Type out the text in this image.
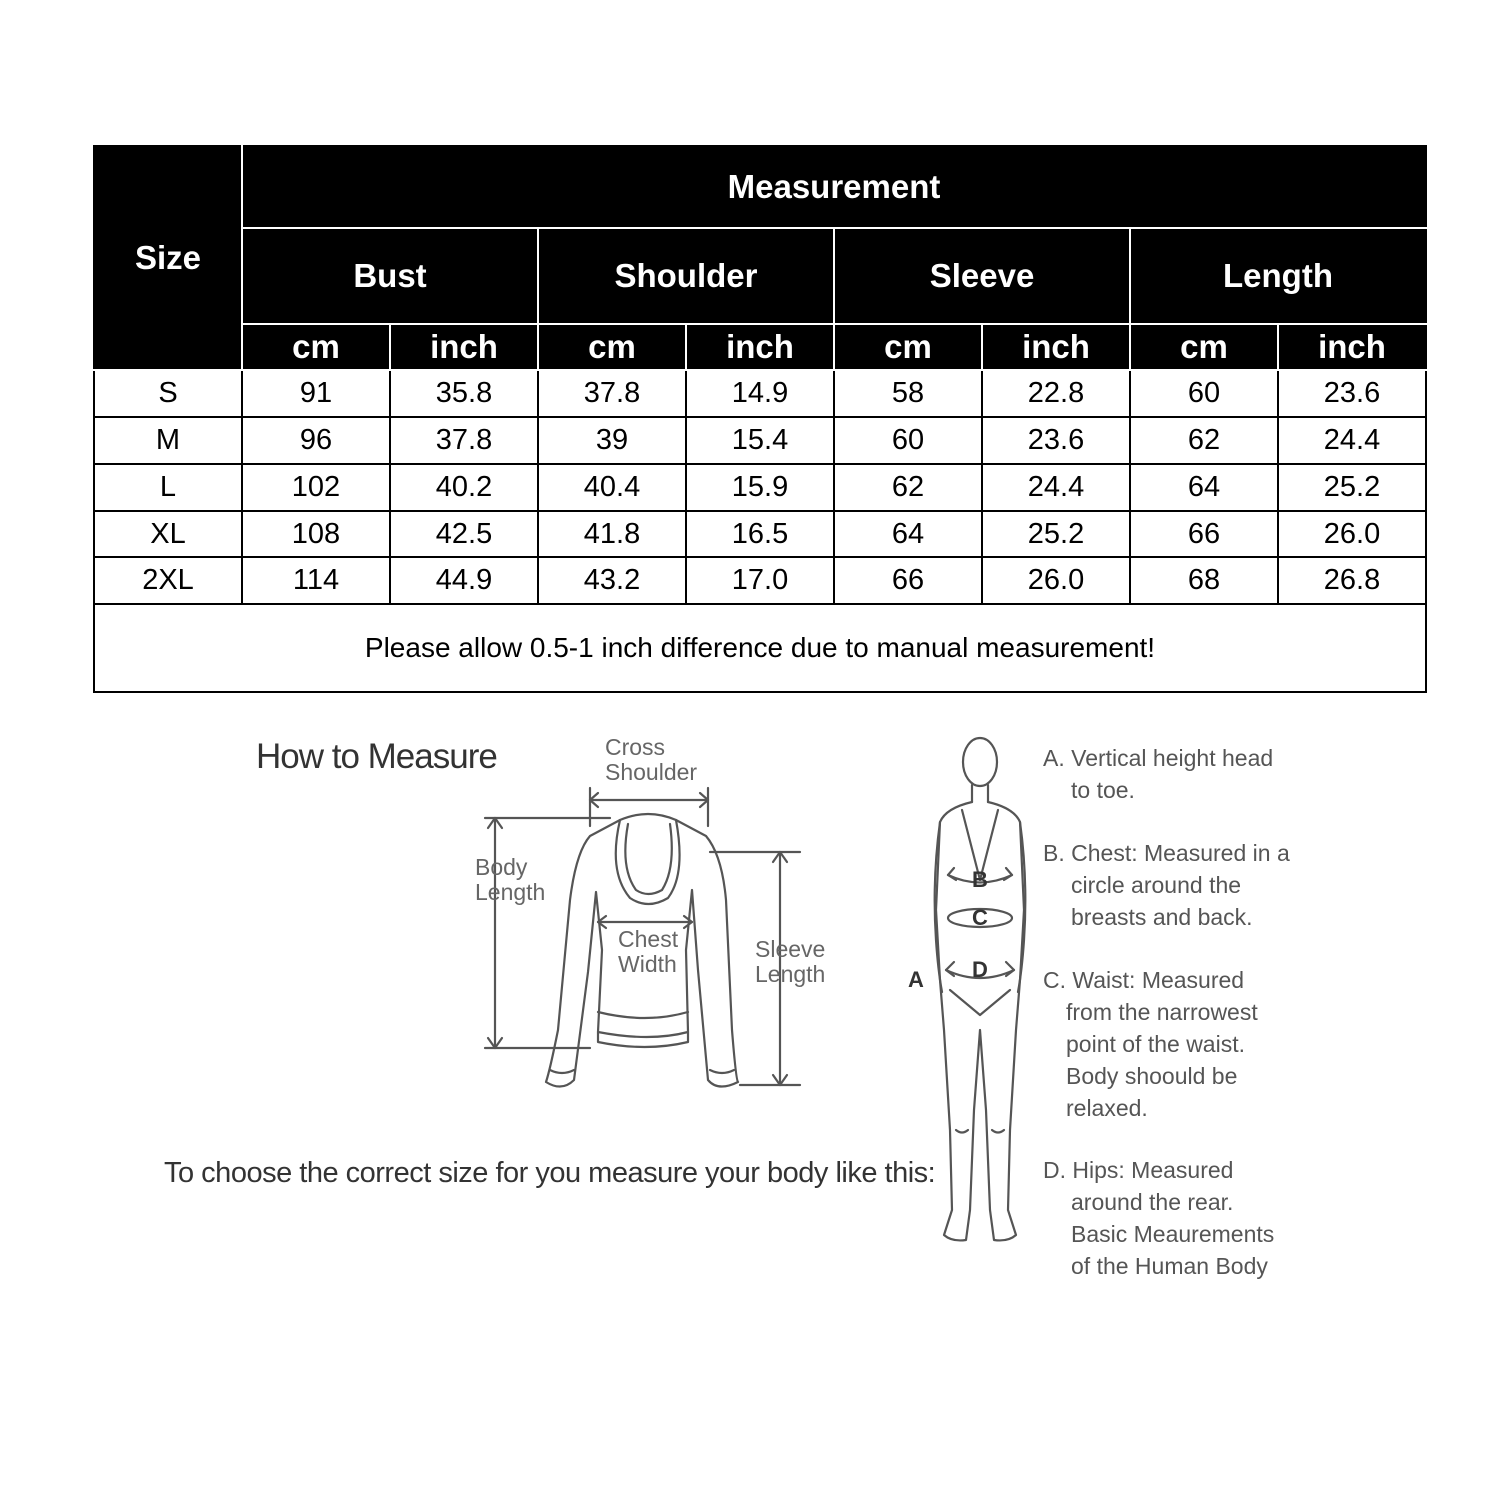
Size	Measurement							
	Bust		Shoulder		Sleeve		Length	
	cm	inch	cm	inch	cm	inch	cm	inch
S	91	35.8	37.8	14.9	58	22.8	60	23.6
M	96	37.8	39	15.4	60	23.6	62	24.4
L	102	40.2	40.4	15.9	62	24.4	64	25.2
XL	108	42.5	41.8	16.5	64	25.2	66	26.0
2XL	114	44.9	43.2	17.0	66	26.0	68	26.8
Please allow 0.5-1 inch difference due to manual measurement!								
How to Measure
To choose the correct size for you measure your body like this:
Cross
Shoulder
Body
Length
Chest
Width
Sleeve
Length	A
B
C
D

A. Vertical height head

to toe.

B. Chest: Measured in a

circle around the

breasts and back.

C. Waist: Measured

from the narrowest

point of the waist.

Body shoould be

relaxed.

D. Hips: Measured

around the rear.

Basic Meaurements

of the Human Body
